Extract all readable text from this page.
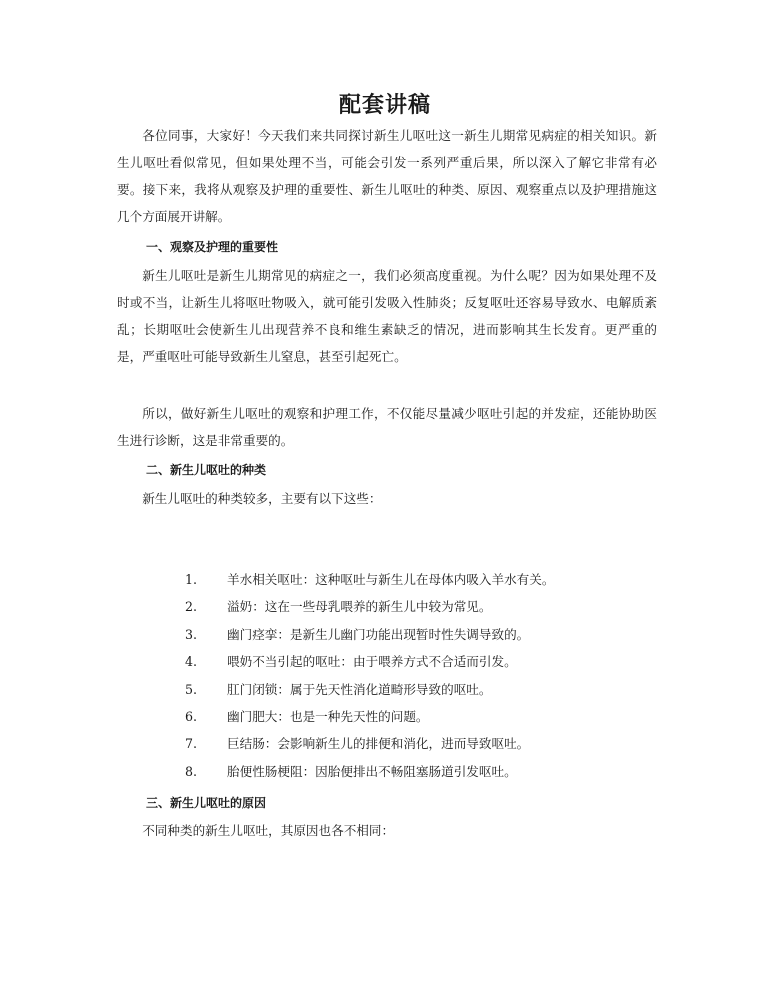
配套讲稿

各位同事，大家好！今天我们来共同探讨新生儿呕吐这一新生儿期常见病症的相关知识。新生儿呕吐看似常见，但如果处理不当，可能会引发一系列严重后果，所以深入了解它非常有必要。接下来，我将从观察及护理的重要性、新生儿呕吐的种类、原因、观察重点以及护理措施这几个方面展开讲解。

一、观察及护理的重要性

新生儿呕吐是新生儿期常见的病症之一，我们必须高度重视。为什么呢？因为如果处理不及时或不当，让新生儿将呕吐物吸入，就可能引发吸入性肺炎；反复呕吐还容易导致水、电解质紊乱；长期呕吐会使新生儿出现营养不良和维生素缺乏的情况，进而影响其生长发育。更严重的是，严重呕吐可能导致新生儿窒息，甚至引起死亡。

所以，做好新生儿呕吐的观察和护理工作，不仅能尽量减少呕吐引起的并发症，还能协助医生进行诊断，这是非常重要的。

二、新生儿呕吐的种类

新生儿呕吐的种类较多，主要有以下这些：

1.	羊水相关呕吐：这种呕吐与新生儿在母体内吸入羊水有关。
2.	溢奶：这在一些母乳喂养的新生儿中较为常见。
3.	幽门痉挛：是新生儿幽门功能出现暂时性失调导致的。
4.	喂奶不当引起的呕吐：由于喂养方式不合适而引发。
5.	肛门闭锁：属于先天性消化道畸形导致的呕吐。
6.	幽门肥大：也是一种先天性的问题。
7.	巨结肠：会影响新生儿的排便和消化，进而导致呕吐。
8.	胎便性肠梗阻：因胎便排出不畅阻塞肠道引发呕吐。
三、新生儿呕吐的原因

不同种类的新生儿呕吐，其原因也各不相同：
